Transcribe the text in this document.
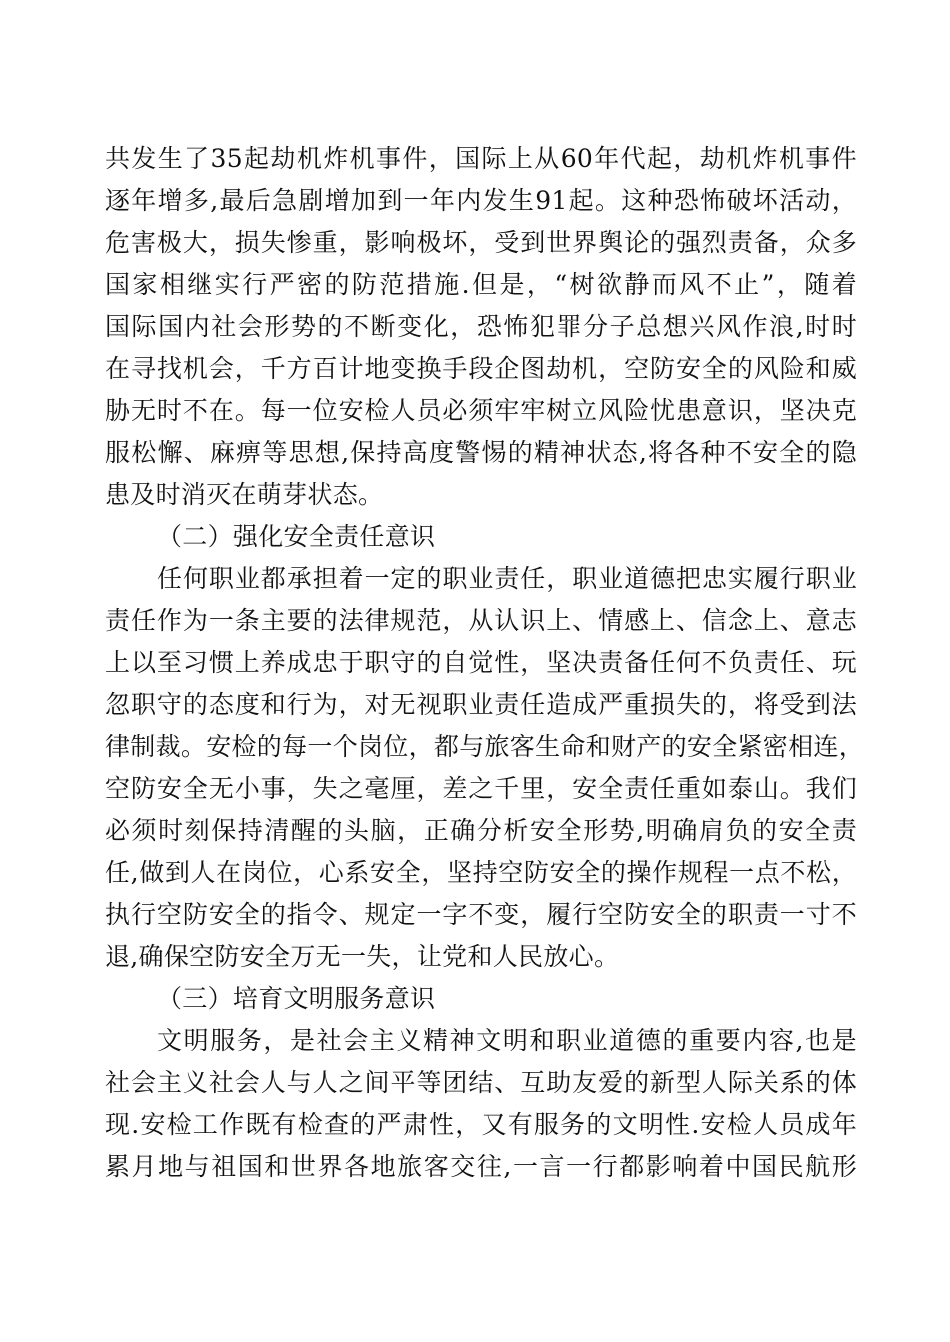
共发生了35起劫机炸机事件，国际上从60年代起，劫机炸机事件
逐年增多,最后急剧增加到一年内发生91起。这种恐怖破坏活动，
危害极大，损失惨重，影响极坏，受到世界舆论的强烈责备，众多
国家相继实行严密的防范措施.但是，“树欲静而风不止”，随着
国际国内社会形势的不断变化，恐怖犯罪分子总想兴风作浪,时时
在寻找机会，千方百计地变换手段企图劫机，空防安全的风险和威
胁无时不在。每一位安检人员必须牢牢树立风险忧患意识，坚决克
服松懈、麻痹等思想,保持高度警惕的精神状态,将各种不安全的隐
患及时消灭在萌芽状态。
（二）强化安全责任意识
任何职业都承担着一定的职业责任，职业道德把忠实履行职业
责任作为一条主要的法律规范，从认识上、情感上、信念上、意志
上以至习惯上养成忠于职守的自觉性，坚决责备任何不负责任、玩
忽职守的态度和行为，对无视职业责任造成严重损失的，将受到法
律制裁。安检的每一个岗位，都与旅客生命和财产的安全紧密相连，
空防安全无小事，失之毫厘，差之千里，安全责任重如泰山。我们
必须时刻保持清醒的头脑，正确分析安全形势,明确肩负的安全责
任,做到人在岗位，心系安全，坚持空防安全的操作规程一点不松，
执行空防安全的指令、规定一字不变，履行空防安全的职责一寸不
退,确保空防安全万无一失，让党和人民放心。
（三）培育文明服务意识
文明服务，是社会主义精神文明和职业道德的重要内容,也是
社会主义社会人与人之间平等团结、互助友爱的新型人际关系的体
现.安检工作既有检查的严肃性，又有服务的文明性.安检人员成年
累月地与祖国和世界各地旅客交往,一言一行都影响着中国民航形
